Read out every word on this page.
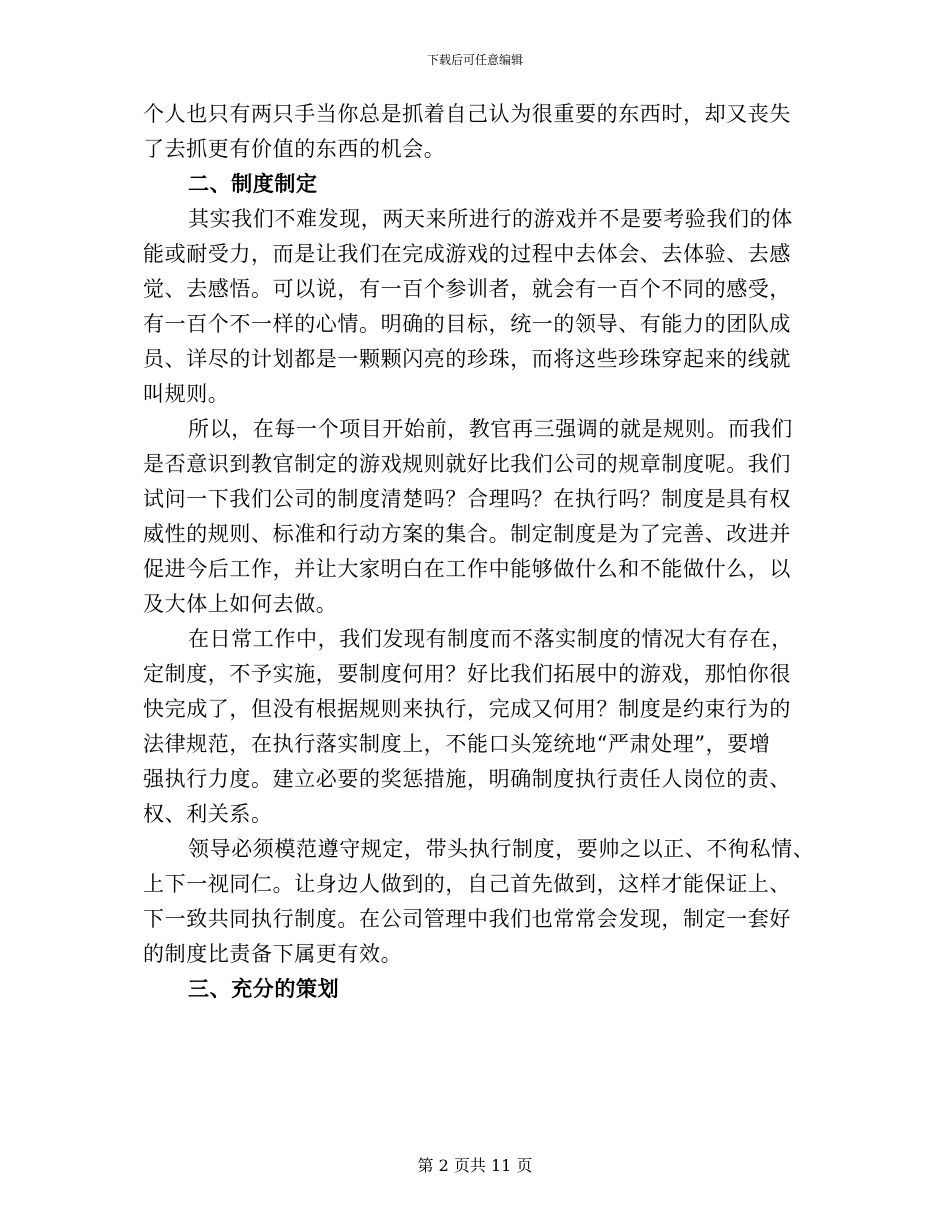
下载后可任意编辑
个人也只有两只手当你总是抓着自己认为很重要的东西时，却又丧失
了去抓更有价值的东西的机会。
二、制度制定
其实我们不难发现，两天来所进行的游戏并不是要考验我们的体
能或耐受力，而是让我们在完成游戏的过程中去体会、去体验、去感
觉、去感悟。可以说，有一百个参训者，就会有一百个不同的感受，
有一百个不一样的心情。明确的目标，统一的领导、有能力的团队成
员、详尽的计划都是一颗颗闪亮的珍珠，而将这些珍珠穿起来的线就
叫规则。
所以，在每一个项目开始前，教官再三强调的就是规则。而我们
是否意识到教官制定的游戏规则就好比我们公司的规章制度呢。我们
试问一下我们公司的制度清楚吗？合理吗？在执行吗？制度是具有权
威性的规则、标准和行动方案的集合。制定制度是为了完善、改进并
促进今后工作，并让大家明白在工作中能够做什么和不能做什么，以
及大体上如何去做。
在日常工作中，我们发现有制度而不落实制度的情况大有存在，
定制度，不予实施，要制度何用？好比我们拓展中的游戏，那怕你很
快完成了，但没有根据规则来执行，完成又何用？制度是约束行为的
法律规范，在执行落实制度上，不能口头笼统地“严肃处理”，要增
强执行力度。建立必要的奖惩措施，明确制度执行责任人岗位的责、
权、利关系。
领导必须模范遵守规定，带头执行制度，要帅之以正、不徇私情、
上下一视同仁。让身边人做到的，自己首先做到，这样才能保证上、
下一致共同执行制度。在公司管理中我们也常常会发现，制定一套好
的制度比责备下属更有效。
三、充分的策划
第 2 页共 11 页
